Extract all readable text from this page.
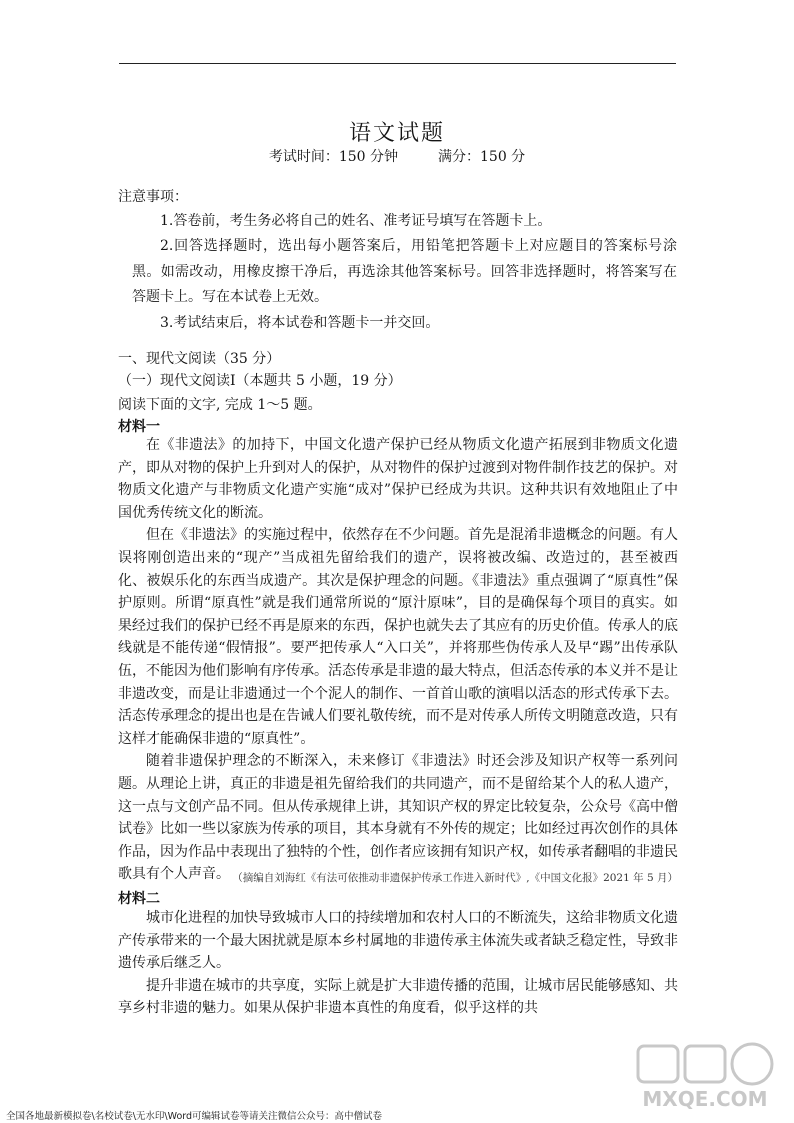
语文试题
考试时间：150 分钟	满分：150 分
注意事项：

1.答卷前，考生务必将自己的姓名、准考证号填写在答题卡上。

2.回答选择题时，选出每小题答案后，用铅笔把答题卡上对应题目的答案标号涂黑。如需改动，用橡皮擦干净后，再选涂其他答案标号。回答非选择题时，将答案写在答题卡上。写在本试卷上无效。

3.考试结束后，将本试卷和答题卡一并交回。

一、现代文阅读（35 分）
（一）现代文阅读Ⅰ（本题共 5 小题，19 分）
阅读下面的文字, 完成 1～5 题。
材料一

在《非遗法》的加持下，中国文化遗产保护已经从物质文化遗产拓展到非物质文化遗产，即从对物的保护上升到对人的保护，从对物件的保护过渡到对物件制作技艺的保护。对物质文化遗产与非物质文化遗产实施“成对”保护已经成为共识。这种共识有效地阻止了中国优秀传统文化的断流。

但在《非遗法》的实施过程中，依然存在不少问题。首先是混淆非遗概念的问题。有人误将刚创造出来的“现产”当成祖先留给我们的遗产，误将被改编、改造过的，甚至被西化、被娱乐化的东西当成遗产。其次是保护理念的问题。《非遗法》重点强调了“原真性”保护原则。所谓“原真性”就是我们通常所说的“原汁原味”，目的是确保每个项目的真实。如果经过我们的保护已经不再是原来的东西，保护也就失去了其应有的历史价值。传承人的底线就是不能传递“假情报”。要严把传承人“入口关”，并将那些伪传承人及早“踢”出传承队伍，不能因为他们影响有序传承。活态传承是非遗的最大特点，但活态传承的本义并不是让非遗改变，而是让非遗通过一个个泥人的制作、一首首山歌的演唱以活态的形式传承下去。活态传承理念的提出也是在告诫人们要礼敬传统，而不是对传承人所传文明随意改造，只有这样才能确保非遗的“原真性”。

随着非遗保护理念的不断深入，未来修订《非遗法》时还会涉及知识产权等一系列问题。从理论上讲，真正的非遗是祖先留给我们的共同遗产，而不是留给某个人的私人遗产，这一点与文创产品不同。但从传承规律上讲，其知识产权的界定比较复杂，公众号《高中僧试卷》比如一些以家族为传承的项目，其本身就有不外传的规定；比如经过再次创作的具体作品，因为作品中表现出了独特的个性，创作者应该拥有知识产权，如传承者翻唱的非遗民歌具有个人声音。 （摘编自刘海红《有法可依推动非遗保护传承工作进入新时代》,《中国文化报》2021 年 5 月）
材料二

城市化进程的加快导致城市人口的持续增加和农村人口的不断流失，这给非物质文化遗产传承带来的一个最大困扰就是原本乡村属地的非遗传承主体流失或者缺乏稳定性，导致非遗传承后继乏人。

提升非遗在城市的共享度，实际上就是扩大非遗传播的范围，让城市居民能够感知、共享乡村非遗的魅力。如果从保护非遗本真性的角度看，似乎这样的共

MXQE.COM
全国各地最新模拟卷\名校试卷\无水印\Word可编辑试卷等请关注微信公众号：高中僧试卷
